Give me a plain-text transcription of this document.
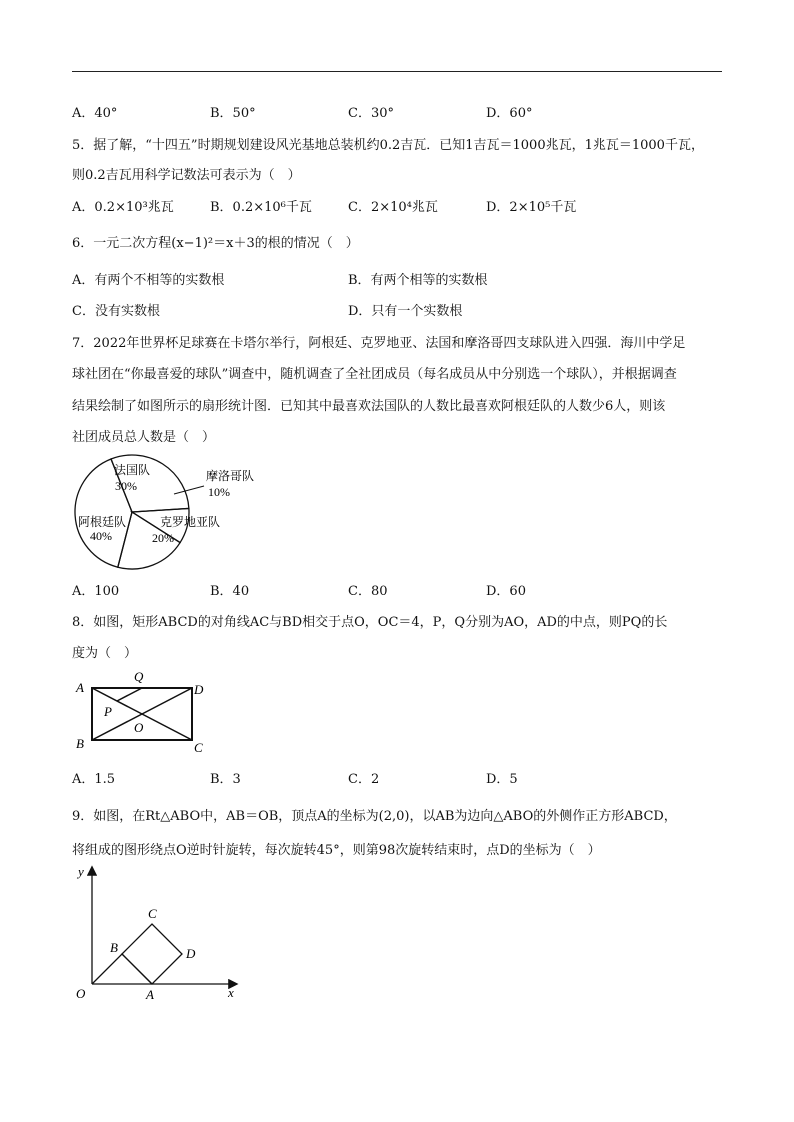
A．40°	B．50°	C．30°	D．60°
5．据了解，“十四五”时期规划建设风光基地总装机约0.2吉瓦．已知1吉瓦＝1000兆瓦，1兆瓦＝1000千瓦，
则0.2吉瓦用科学记数法可表示为（　）
A．0.2×10³兆瓦	B．0.2×10⁶千瓦	C．2×10⁴兆瓦	D．2×10⁵千瓦
6．一元二次方程(x−1)²＝x＋3的根的情况（　）
A．有两个不相等的实数根	B．有两个相等的实数根
C．没有实数根	D．只有一个实数根
7．2022年世界杯足球赛在卡塔尔举行，阿根廷、克罗地亚、法国和摩洛哥四支球队进入四强．海川中学足
球社团在“你最喜爱的球队”调查中，随机调查了全社团成员（每名成员从中分别选一个球队），并根据调查
结果绘制了如图所示的扇形统计图．已知其中最喜欢法国队的人数比最喜欢阿根廷队的人数少6人，则该
社团成员总人数是（　）
法国队
30%
摩洛哥队
10%
克罗地亚队
20%
阿根廷队
40%
A．100	B．40	C．80	D．60
8．如图，矩形ABCD的对角线AC与BD相交于点O，OC＝4，P，Q分别为AO，AD的中点，则PQ的长
度为（　）
A
Q
D
P
O
B	C
A．1.5	B．3	C．2	D．5
9．如图，在Rt△ABO中，AB＝OB，顶点A的坐标为(2,0)，以AB为边向△ABO的外侧作正方形ABCD，
将组成的图形绕点O逆时针旋转，每次旋转45°，则第98次旋转结束时，点D的坐标为（　）
y
C
B	D
O	A	x
